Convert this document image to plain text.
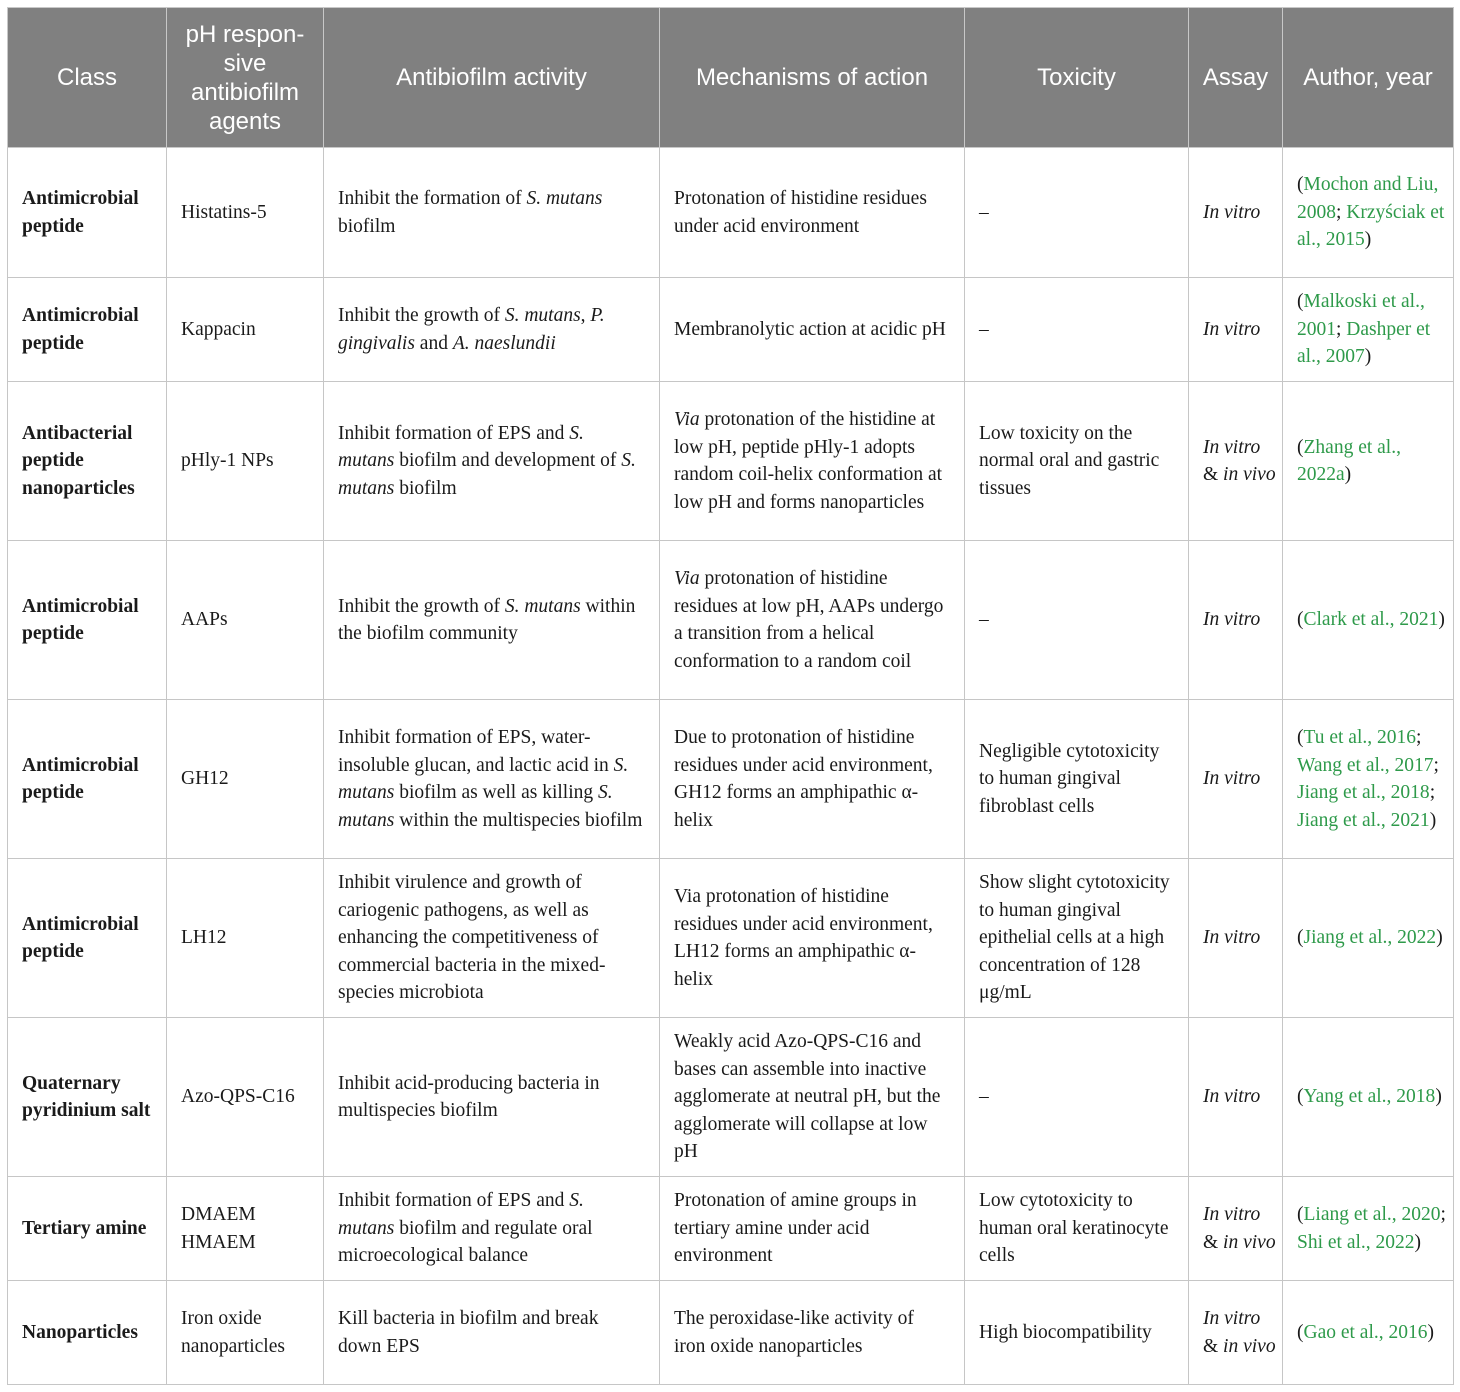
Class	pH respon-sive antibiofilm agents	Antibiofilm activity	Mechanisms of action	Toxicity	Assay	Author, year
Antimicrobial peptide	Histatins-5	Inhibit the formation of S. mutans biofilm	Protonation of histidine residues under acid environment	–	In vitro	(Mochon and Liu, 2008; Krzyściak et al., 2015)
Antimicrobial peptide	Kappacin	Inhibit the growth of S. mutans, P. gingivalis and A. naeslundii	Membranolytic action at acidic pH	–	In vitro	(Malkoski et al., 2001; Dashper et al., 2007)
Antibacterial peptide nanoparticles	pHly-1 NPs	Inhibit formation of EPS and S. mutans biofilm and development of S. mutans biofilm	Via protonation of the histidine at low pH, peptide pHly-1 adopts random coil-helix conformation at low pH and forms nanoparticles	Low toxicity on the normal oral and gastric tissues	In vitro & in vivo	(Zhang et al., 2022a)
Antimicrobial peptide	AAPs	Inhibit the growth of S. mutans within the biofilm community	Via protonation of histidine residues at low pH, AAPs undergo a transition from a helical conformation to a random coil	–	In vitro	(Clark et al., 2021)
Antimicrobial peptide	GH12	Inhibit formation of EPS, water-insoluble glucan, and lactic acid in S. mutans biofilm as well as killing S. mutans within the multispecies biofilm	Due to protonation of histidine residues under acid environment, GH12 forms an amphipathic α-helix	Negligible cytotoxicity to human gingival fibroblast cells	In vitro	(Tu et al., 2016; Wang et al., 2017; Jiang et al., 2018; Jiang et al., 2021)
Antimicrobial peptide	LH12	Inhibit virulence and growth of cariogenic pathogens, as well as enhancing the competitiveness of commercial bacteria in the mixed-species microbiota	Via protonation of histidine residues under acid environment, LH12 forms an amphipathic α-helix	Show slight cytotoxicity to human gingival epithelial cells at a high concentration of 128 μg/mL	In vitro	(Jiang et al., 2022)
Quaternary pyridinium salt	Azo-QPS-C16	Inhibit acid-producing bacteria in multispecies biofilm	Weakly acid Azo-QPS-C16 and bases can assemble into inactive agglomerate at neutral pH, but the agglomerate will collapse at low pH	–	In vitro	(Yang et al., 2018)
Tertiary amine	DMAEM HMAEM	Inhibit formation of EPS and S. mutans biofilm and regulate oral microecological balance	Protonation of amine groups in tertiary amine under acid environment	Low cytotoxicity to human oral keratinocyte cells	In vitro & in vivo	(Liang et al., 2020; Shi et al., 2022)
Nanoparticles	Iron oxide nanoparticles	Kill bacteria in biofilm and break down EPS	The peroxidase-like activity of iron oxide nanoparticles	High biocompatibility	In vitro & in vivo	(Gao et al., 2016)
